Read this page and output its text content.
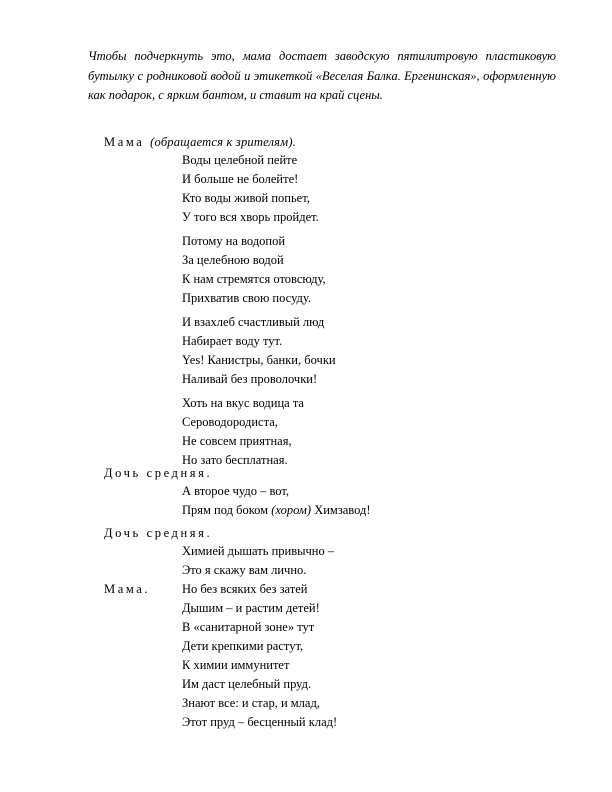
Чтобы подчеркнуть это, мама достает заводскую пятилитровую пластиковую бутылку с родниковой водой и этикеткой «Веселая Балка. Ергенинская», оформленную как подарок, с ярким бантом, и ставит на край сцены.
Мама (обращается к зрителям).
Воды целебной пейте
И больше не болейте!
Кто воды живой попьет,
У того вся хворь пройдет.
Потому на водопой
За целебною водой
К нам стремятся отовсюду,
Прихватив свою посуду.
И взахлеб счастливый люд
Набирает воду тут.
Yes! Канистры, банки, бочки
Наливай без проволочки!
Хоть на вкус водица та
Сероводородиста,
Не совсем приятная,
Но зато бесплатная.
Дочь средняя.
А второе чудо – вот,
Прям под боком (хором) Химзавод!
Дочь средняя.
Химией дышать привычно –
Это я скажу вам лично.
Мама.	Но без всяких без затей
Дышим – и растим детей!
В «санитарной зоне» тут
Дети крепкими растут,
К химии иммунитет
Им даст целебный пруд.
Знают все: и стар, и млад,
Этот пруд – бесценный клад!
